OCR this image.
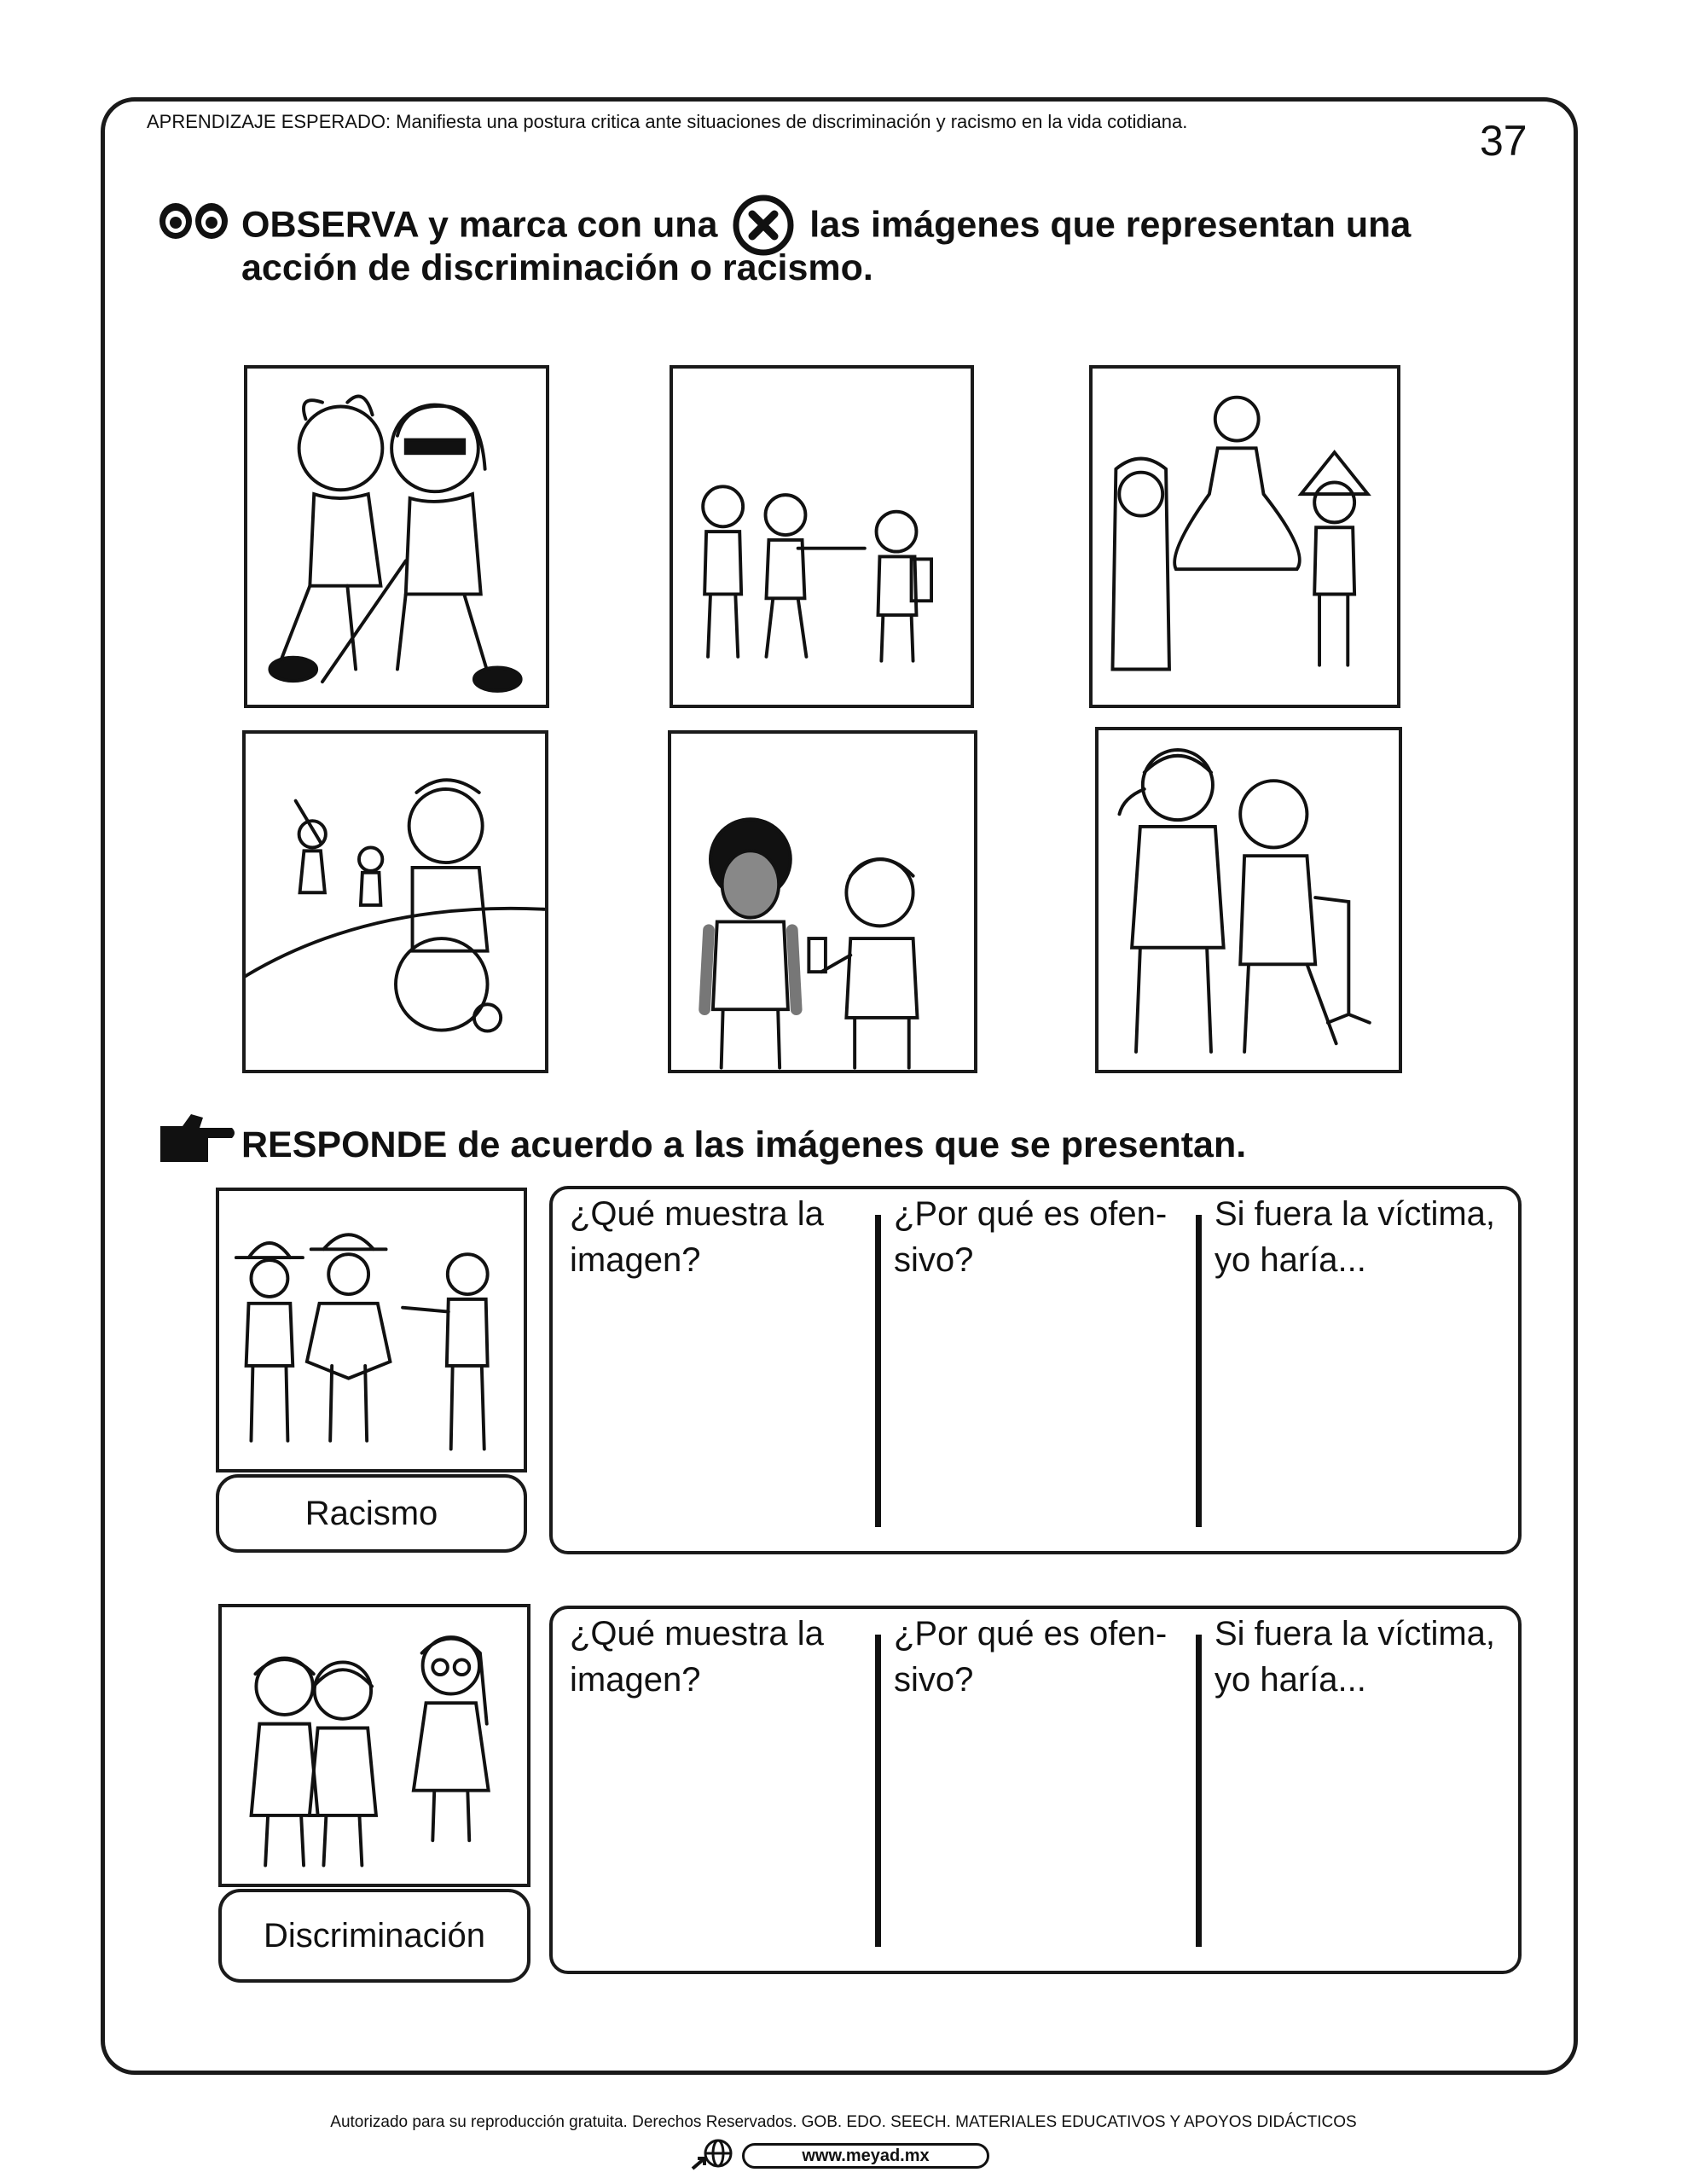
APRENDIZAJE ESPERADO: Manifiesta una postura critica ante situaciones de discriminación y racismo en la vida cotidiana.	37
OBSERVA y marca con una  las imágenes que representan una
acción de discriminación o racismo.
RESPONDE de acuerdo a las imágenes que se presentan.
Racismo
¿Qué muestra la
imagen?
¿Por qué es ofen-
sivo?
Si fuera la víctima,
yo haría...
Discriminación
¿Qué muestra la
imagen?
¿Por qué es ofen-
sivo?
Si fuera la víctima,
yo haría...
Autorizado para su reproducción gratuita. Derechos Reservados. GOB. EDO. SEECH. MATERIALES EDUCATIVOS Y APOYOS DIDÁCTICOS
www.meyad.mx
